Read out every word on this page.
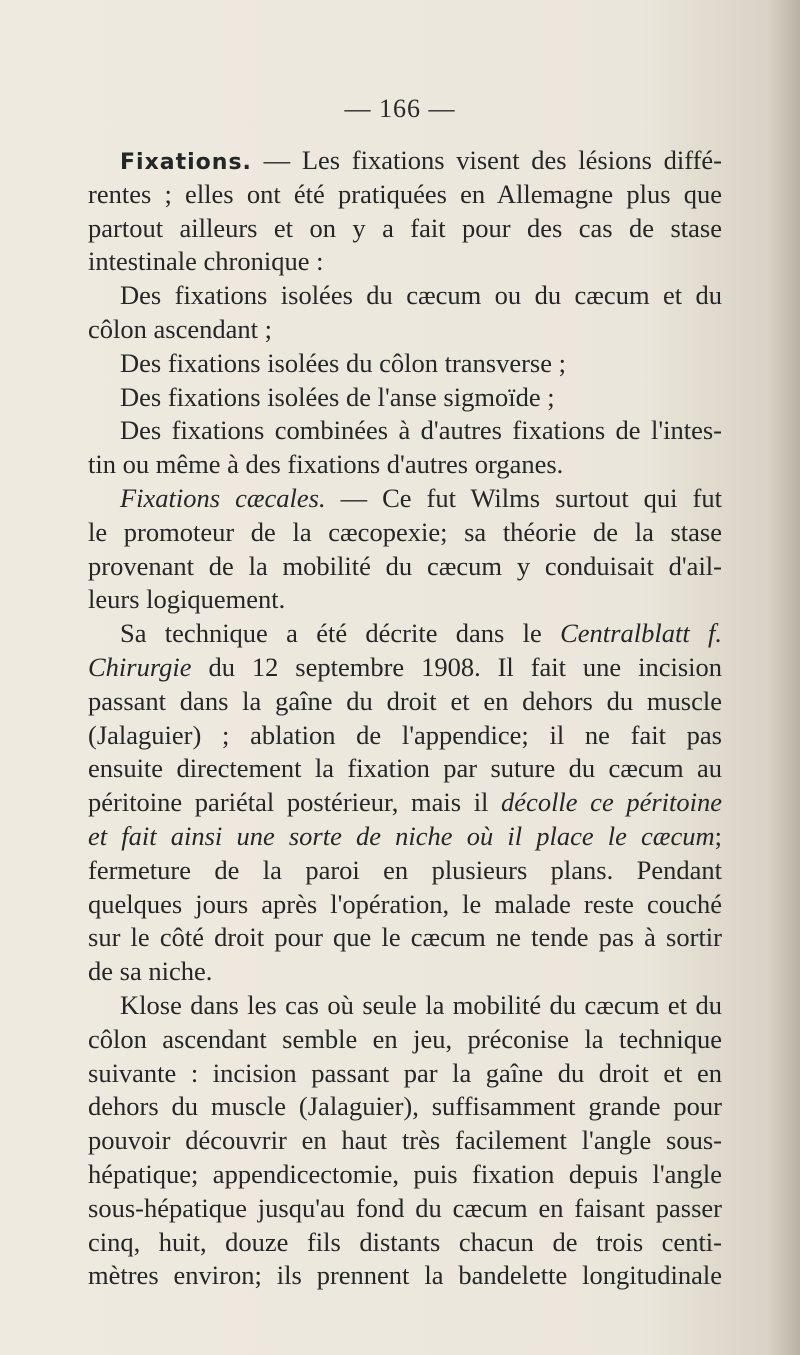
— 166 —
Fixations. — Les fixations visent des lésions diffé-
rentes ; elles ont été pratiquées en Allemagne plus que
partout ailleurs et on y a fait pour des cas de stase
intestinale chronique :
Des fixations isolées du cæcum ou du cæcum et du
côlon ascendant ;
Des fixations isolées du côlon transverse ;
Des fixations isolées de l'anse sigmoïde ;
Des fixations combinées à d'autres fixations de l'intes-
tin ou même à des fixations d'autres organes.
Fixations cæcales. — Ce fut Wilms surtout qui fut
le promoteur de la cæcopexie; sa théorie de la stase
provenant de la mobilité du cæcum y conduisait d'ail-
leurs logiquement.
Sa technique a été décrite dans le Centralblatt f.
Chirurgie du 12 septembre 1908. Il fait une incision
passant dans la gaîne du droit et en dehors du muscle
(Jalaguier) ; ablation de l'appendice; il ne fait pas
ensuite directement la fixation par suture du cæcum au
péritoine pariétal postérieur, mais il décolle ce péritoine
et fait ainsi une sorte de niche où il place le cæcum;
fermeture de la paroi en plusieurs plans. Pendant
quelques jours après l'opération, le malade reste couché
sur le côté droit pour que le cæcum ne tende pas à sortir
de sa niche.
Klose dans les cas où seule la mobilité du cæcum et du
côlon ascendant semble en jeu, préconise la technique
suivante : incision passant par la gaîne du droit et en
dehors du muscle (Jalaguier), suffisamment grande pour
pouvoir découvrir en haut très facilement l'angle sous-
hépatique; appendicectomie, puis fixation depuis l'angle
sous-hépatique jusqu'au fond du cæcum en faisant passer
cinq, huit, douze fils distants chacun de trois centi-
mètres environ; ils prennent la bandelette longitudinale
